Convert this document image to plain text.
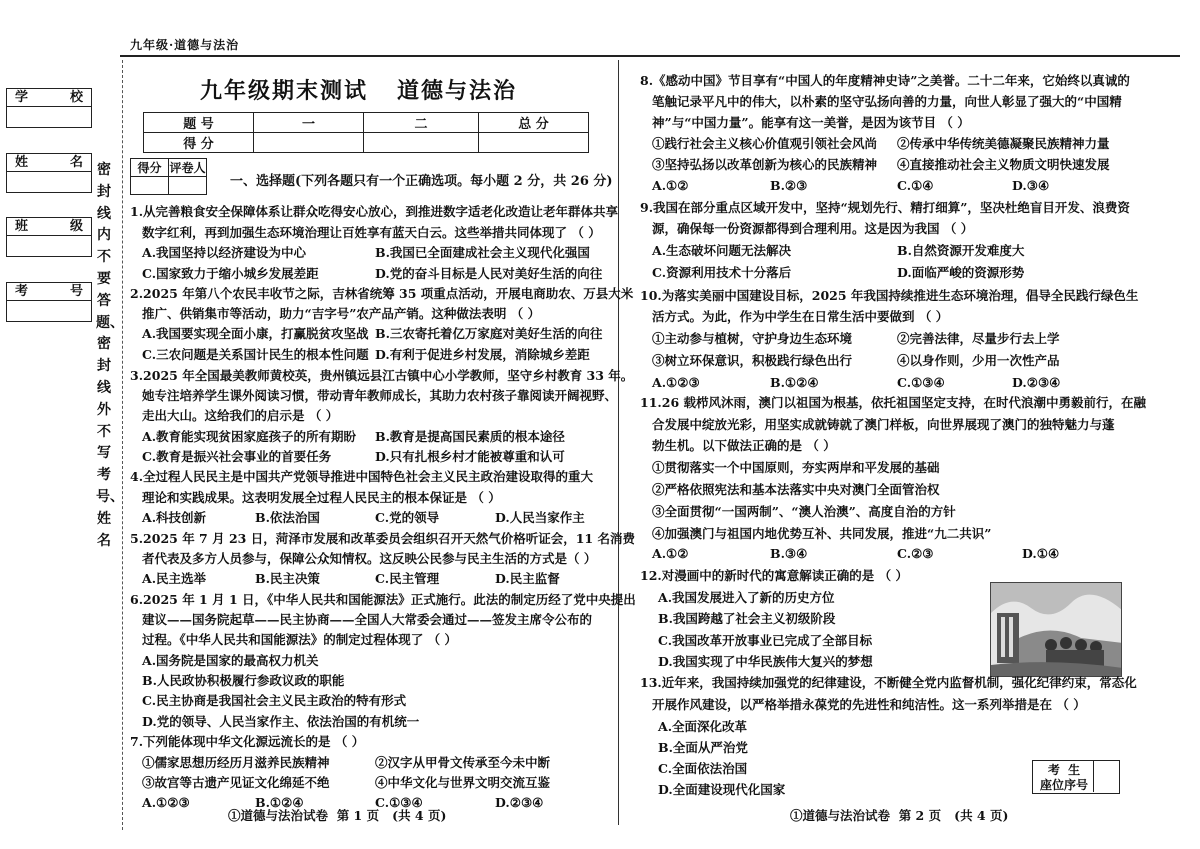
九年级·道德与法治
学	校
姓	名
班	级
考	号
密封线内不要答题、密封线外不写考号、姓名
九年级期末测试   道德与法治
题 号	一	二	总 分
得 分			
得分	评卷人

一、选择题(下列各题只有一个正确选项。每小题 2 分，共 26 分)
1.从完善粮食安全保障体系让群众吃得安心放心，到推进数字适老化改造让老年群体共享
数字红利，再到加强生态环境治理让百姓享有蓝天白云。这些举措共同体现了 （ ）
A.我国坚持以经济建设为中心	B.我国已全面建成社会主义现代化强国
C.国家致力于缩小城乡发展差距	D.党的奋斗目标是人民对美好生活的向往
2.2025 年第八个农民丰收节之际，吉林省统筹 35 项重点活动，开展电商助农、万县大米
推广、供销集市等活动，助力“吉字号”农产品产销。这种做法表明 （ ）
A.我国要实现全面小康，打赢脱贫攻坚战 B.三农寄托着亿万家庭对美好生活的向往
C.三农问题是关系国计民生的根本性问题 D.有利于促进乡村发展，消除城乡差距
3.2025 年全国最美教师黄校英，贵州镇远县江古镇中心小学教师，坚守乡村教育 33 年。
她专注培养学生课外阅读习惯，带动青年教师成长，其助力农村孩子靠阅读开阔视野、
走出大山。这给我们的启示是 （ ）
A.教育能实现贫困家庭孩子的所有期盼 B.教育是提高国民素质的根本途径
C.教育是振兴社会事业的首要任务	D.只有扎根乡村才能被尊重和认可
4.全过程人民民主是中国共产党领导推进中国特色社会主义民主政治建设取得的重大
理论和实践成果。这表明发展全过程人民民主的根本保证是 （ ）
A.科技创新	B.依法治国	C.党的领导	D.人民当家作主
5.2025 年 7 月 23 日，菏泽市发展和改革委员会组织召开天然气价格听证会，11 名消费
者代表及多方人员参与，保障公众知情权。这反映公民参与民主生活的方式是（ ）
A.民主选举	B.民主决策	C.民主管理	D.民主监督
6.2025 年 1 月 1 日，《中华人民共和国能源法》正式施行。此法的制定历经了党中央提出
建议——国务院起草——民主协商——全国人大常委会通过——签发主席令公布的
过程。《中华人民共和国能源法》的制定过程体现了 （ ）
A.国务院是国家的最高权力机关
B.人民政协积极履行参政议政的职能
C.民主协商是我国社会主义民主政治的特有形式
D.党的领导、人民当家作主、依法治国的有机统一
7.下列能体现中华文化源远流长的是 （ ）
①儒家思想历经历月滋养民族精神	②汉字从甲骨文传承至今未中断
③故宫等古遗产见证文化绵延不绝	④中华文化与世界文明交流互鉴
A.①②③	B.①②④	C.①③④	D.②③④
8.《感动中国》节目享有“中国人的年度精神史诗”之美誉。二十二年来，它始终以真诚的
笔触记录平凡中的伟大，以朴素的坚守弘扬向善的力量，向世人彰显了强大的“中国精
神”与“中国力量”。能享有这一美誉，是因为该节目 （ ）
①践行社会主义核心价值观引领社会风尚 ②传承中华传统美德凝聚民族精神力量
③坚持弘扬以改革创新为核心的民族精神 ④直接推动社会主义物质文明快速发展
A.①②	B.②③	C.①④	D.③④
9.我国在部分重点区域开发中，坚持“规划先行、精打细算”，坚决杜绝盲目开发、浪费资
源，确保每一份资源都得到合理利用。这是因为我国 （ ）
A.生态破坏问题无法解决	B.自然资源开发难度大
C.资源利用技术十分落后	D.面临严峻的资源形势
10.为落实美丽中国建设目标，2025 年我国持续推进生态环境治理，倡导全民践行绿色生
活方式。为此，作为中学生在日常生活中要做到 （ ）
①主动参与植树，守护身边生态环境	②完善法律，尽量步行去上学
③树立环保意识，积极践行绿色出行	④以身作则，少用一次性产品
A.①②③	B.①②④	C.①③④	D.②③④
11.26 载栉风沐雨，澳门以祖国为根基，依托祖国坚定支持，在时代浪潮中勇毅前行，在融
合发展中绽放光彩，用坚实成就铸就了澳门样板，向世界展现了澳门的独特魅力与蓬
勃生机。以下做法正确的是 （ ）
①贯彻落实一个中国原则，夯实两岸和平发展的基础
②严格依照宪法和基本法落实中央对澳门全面管治权
③全面贯彻“一国两制”、“澳人治澳”、高度自治的方针
④加强澳门与祖国内地优势互补、共同发展，推进“九二共识”
A.①②	B.③④	C.②③	D.①④
12.对漫画中的新时代的寓意解读正确的是 （ ）
A.我国发展进入了新的历史方位
B.我国跨越了社会主义初级阶段
C.我国改革开放事业已完成了全部目标
D.我国实现了中华民族伟大复兴的梦想
13.近年来，我国持续加强党的纪律建设，不断健全党内监督机制，强化纪律约束，常态化
开展作风建设，以严格举措永葆党的先进性和纯洁性。这一系列举措是在 （ ）
A.全面深化改革
B.全面从严治党
C.全面依法治国
D.全面建设现代化国家
考  生
座位序号
①道德与法治试卷  第 1 页   (共 4 页)	①道德与法治试卷  第 2 页   (共 4 页)
